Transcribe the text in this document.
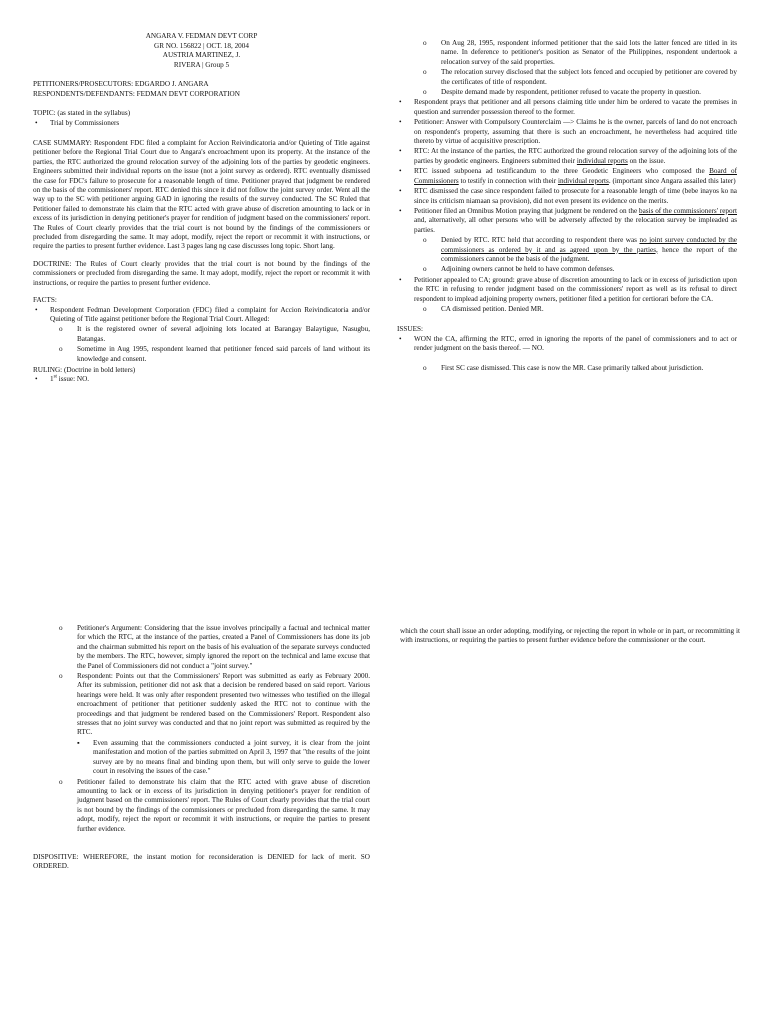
ANGARA V. FEDMAN DEVT CORP

GR NO. 156822 | OCT. 18, 2004

AUSTRIA MARTINEZ, J.

RIVERA | Group 5

PETITIONERS/PROSECUTORS: EDGARDO J. ANGARA

RESPONDENTS/DEFENDANTS: FEDMAN DEVT CORPORATION

TOPIC: (as stated in the syllabus)

• Trial by Commissioners

CASE SUMMARY: Respondent FDC filed a complaint for Accion Reivindicatoria and/or Quieting of Title against petitioner before the Regional Trial Court due to Angara's encroachment upon its property. At the instance of the parties, the RTC authorized the ground relocation survey of the adjoining lots of the parties by geodetic engineers. Engineers submitted their individual reports on the issue (not a joint survey as ordered). RTC eventually dismissed the case for FDC's failure to prosecute for a reasonable length of time. Petitioner prayed that judgment be rendered on the basis of the commissioners' report. RTC denied this since it did not follow the joint survey order. Went all the way up to the SC with petitioner arguing GAD in ignoring the results of the survey conducted. The SC Ruled that Petitioner failed to demonstrate his claim that the RTC acted with grave abuse of discretion amounting to lack or in excess of its jurisdiction in denying petitioner's prayer for rendition of judgment based on the commissioners' report. The Rules of Court clearly provides that the trial court is not bound by the findings of the commissioners or precluded from disregarding the same. It may adopt, modify, reject the report or recommit it with instructions, or require the parties to present further evidence. Last 3 pages lang ng case discusses long topic. Short lang.

DOCTRINE: The Rules of Court clearly provides that the trial court is not bound by the findings of the commissioners or precluded from disregarding the same. It may adopt, modify, reject the report or recommit it with instructions, or require the parties to present further evidence.

FACTS:

• Respondent Fedman Development Corporation (FDC) filed a complaint for Accion Reivindicatoria and/or Quieting of Title against petitioner before the Regional Trial Court. Alleged:
o It is the registered owner of several adjoining lots located at Barangay Balaytigue, Nasugbu, Batangas.
o Sometime in Aug 1995, respondent learned that petitioner fenced said parcels of land without its knowledge and consent.

RULING: (Doctrine in bold letters)

• 1st issue: NO.
o On Aug 28, 1995, respondent informed petitioner that the said lots the latter fenced are titled in its name. In deference to petitioner's position as Senator of the Philippines, respondent undertook a relocation survey of the said properties.
o The relocation survey disclosed that the subject lots fenced and occupied by petitioner are covered by the certificates of title of respondent.
o Despite demand made by respondent, petitioner refused to vacate the property in question.
• Respondent prays that petitioner and all persons claiming title under him be ordered to vacate the premises in question and surrender possession thereof to the former.
• Petitioner: Answer with Compulsory Counterclaim —> Claims he is the owner, parcels of land do not encroach on respondent's property, assuming that there is such an encroachment, he nevertheless had acquired title thereto by virtue of acquisitive prescription.
• RTC: At the instance of the parties, the RTC authorized the ground relocation survey of the adjoining lots of the parties by geodetic engineers. Engineers submitted their individual reports on the issue.
• RTC issued subpoena ad testificandum to the three Geodetic Engineers who composed the Board of Commissioners to testify in connection with their individual reports. (important since Angara assailed this later)
• RTC dismissed the case since respondent failed to prosecute for a reasonable length of time (bebe inayos ko na since its criticism niamaan sa provision), did not even present its evidence on the merits.
• Petitioner filed an Omnibus Motion praying that judgment be rendered on the basis of the commissioners' report and, alternatively, all other persons who will be adversely affected by the relocation survey be impleaded as parties.
o Denied by RTC. RTC held that according to respondent there was no joint survey conducted by the commissioners as ordered by it and as agreed upon by the parties, hence the report of the commissioners cannot be the basis of the judgment.
o Adjoining owners cannot be held to have common defenses.
• Petitioner appealed to CA; ground: grave abuse of discretion amounting to lack or in excess of jurisdiction upon the RTC in refusing to render judgment based on the commissioners' report as well as its refusal to direct respondent to implead adjoining property owners, petitioner filed a petition for certiorari before the CA.
o CA dismissed petition. Denied MR.

ISSUES:

• WON the CA, affirming the RTC, erred in ignoring the reports of the panel of commissioners and to act or render judgment on the basis thereof. — NO.
o First SC case dismissed. This case is now the MR. Case primarily talked about jurisdiction.
o Petitioner's Argument: Considering that the issue involves principally a factual and technical matter for which the RTC, at the instance of the parties, created a Panel of Commissioners has done its job and the chairman submitted his report on the basis of his evaluation of the separate surveys conducted by the members. The RTC, however, simply ignored the report on the technical and lame excuse that the Panel of Commissioners did not conduct a "joint survey."
o Respondent: Points out that the Commissioners' Report was submitted as early as February 2000. After its submission, petitioner did not ask that a decision be rendered based on said report. Various hearings were held. It was only after respondent presented two witnesses who testified on the illegal encroachment of petitioner that petitioner suddenly asked the RTC not to continue with the proceedings and that judgment be rendered based on the Commissioners' Report. Respondent also stresses that no joint survey was conducted and that no joint report was submitted as required by the RTC.
▪ Even assuming that the commissioners conducted a joint survey, it is clear from the joint manifestation and motion of the parties submitted on April 3, 1997 that "the results of the joint survey are by no means final and binding upon them, but will only serve to guide the lower court in resolving the issues of the case."
o Petitioner failed to demonstrate his claim that the RTC acted with grave abuse of discretion amounting to lack or in excess of its jurisdiction in denying petitioner's prayer for rendition of judgment based on the commissioners' report. The Rules of Court clearly provides that the trial court is not bound by the findings of the commissioners or precluded from disregarding the same. It may adopt, modify, reject the report or recommit it with instructions, or require the parties to present further evidence.

DISPOSITIVE: WHEREFORE, the instant motion for reconsideration is DENIED for lack of merit. SO ORDERED.

which the court shall issue an order adopting, modifying, or rejecting the report in whole or in part, or recommitting it with instructions, or requiring the parties to present further evidence before the commissioner or the court.
